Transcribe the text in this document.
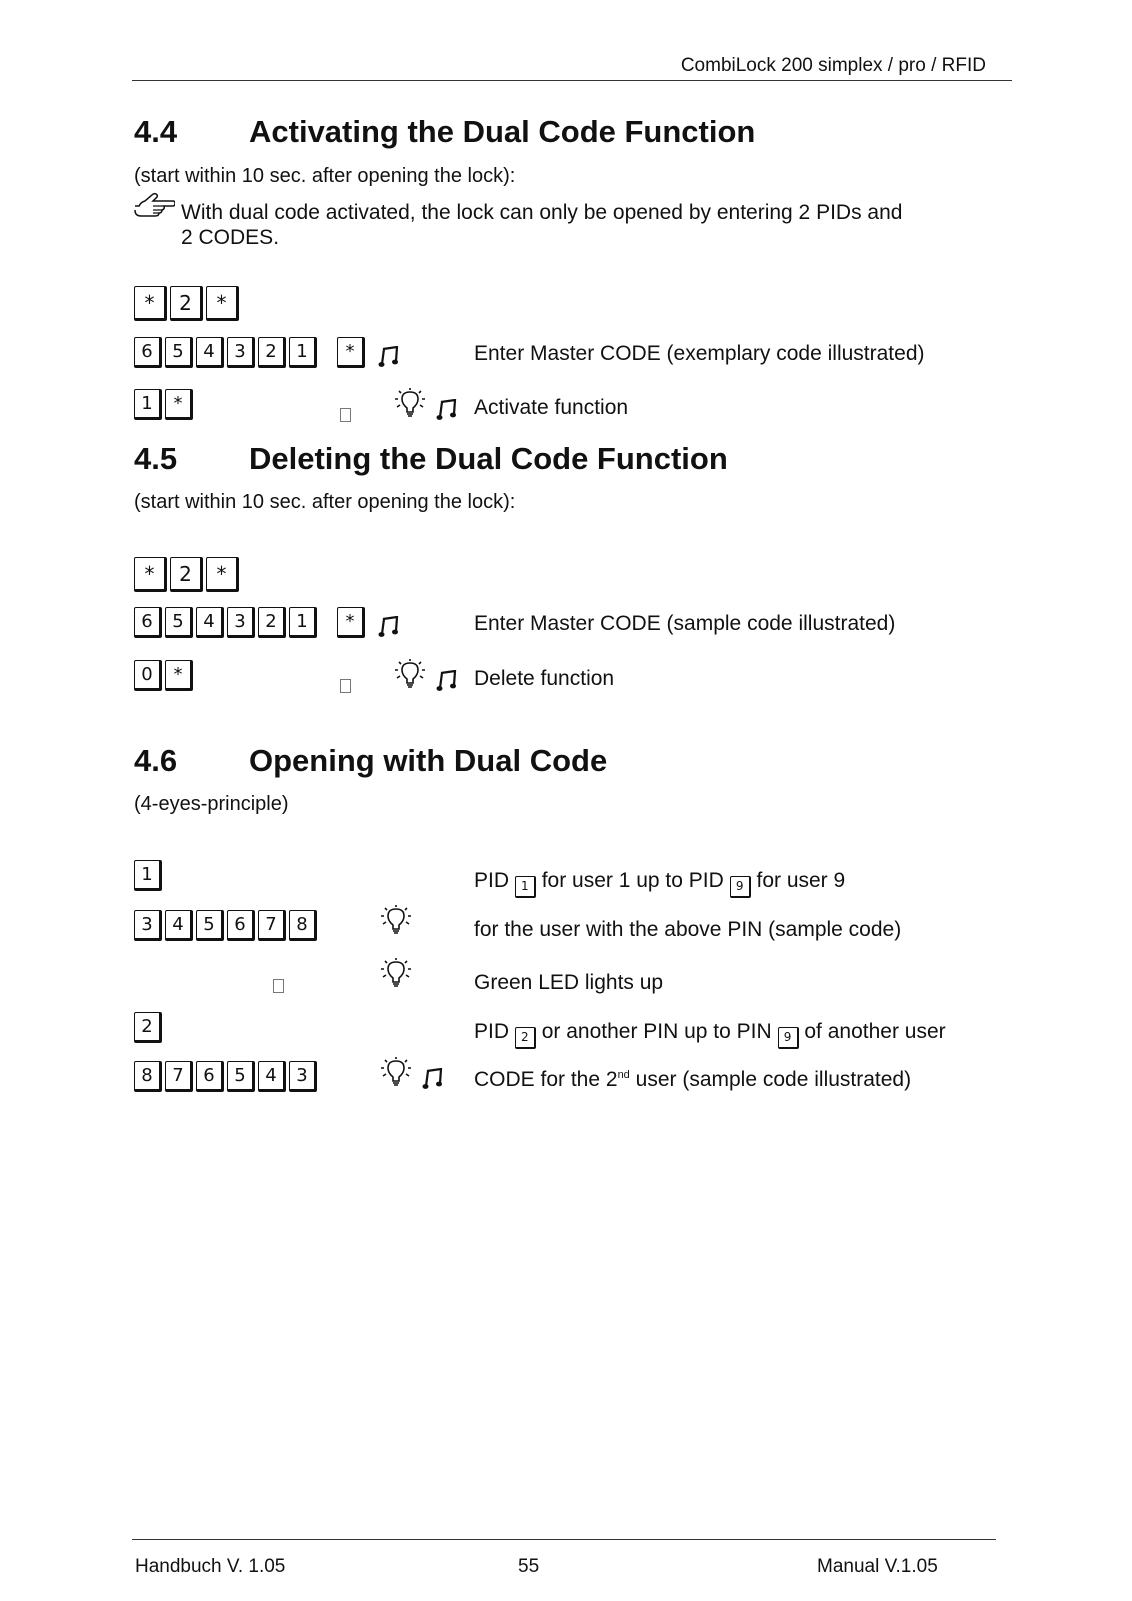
CombiLock 200 simplex / pro / RFID
4.4 Activating the Dual Code Function
(start within 10 sec. after opening the lock):
With dual code activated, the lock can only be opened by entering 2 PIDs and
2 CODES.
*	2	*
6	5	4	3	2	1	*	Enter Master CODE (exemplary code illustrated)
1	*	Activate function
4.5 Deleting the Dual Code Function
(start within 10 sec. after opening the lock):
*	2	*
6	5	4	3	2	1	*	Enter Master CODE (sample code illustrated)
0	*	Delete function
4.6 Opening with Dual Code
(4-eyes-principle)
1	PID 1 for user 1 up to PID 9 for user 9
3	4	5	6	7	8	for the user with the above PIN (sample code)
Green LED lights up
2	PID 2 or another PIN up to PIN 9 of another user
8	7	6	5	4	3	CODE for the 2nd user (sample code illustrated)
Handbuch V. 1.05	55	Manual V.1.05
